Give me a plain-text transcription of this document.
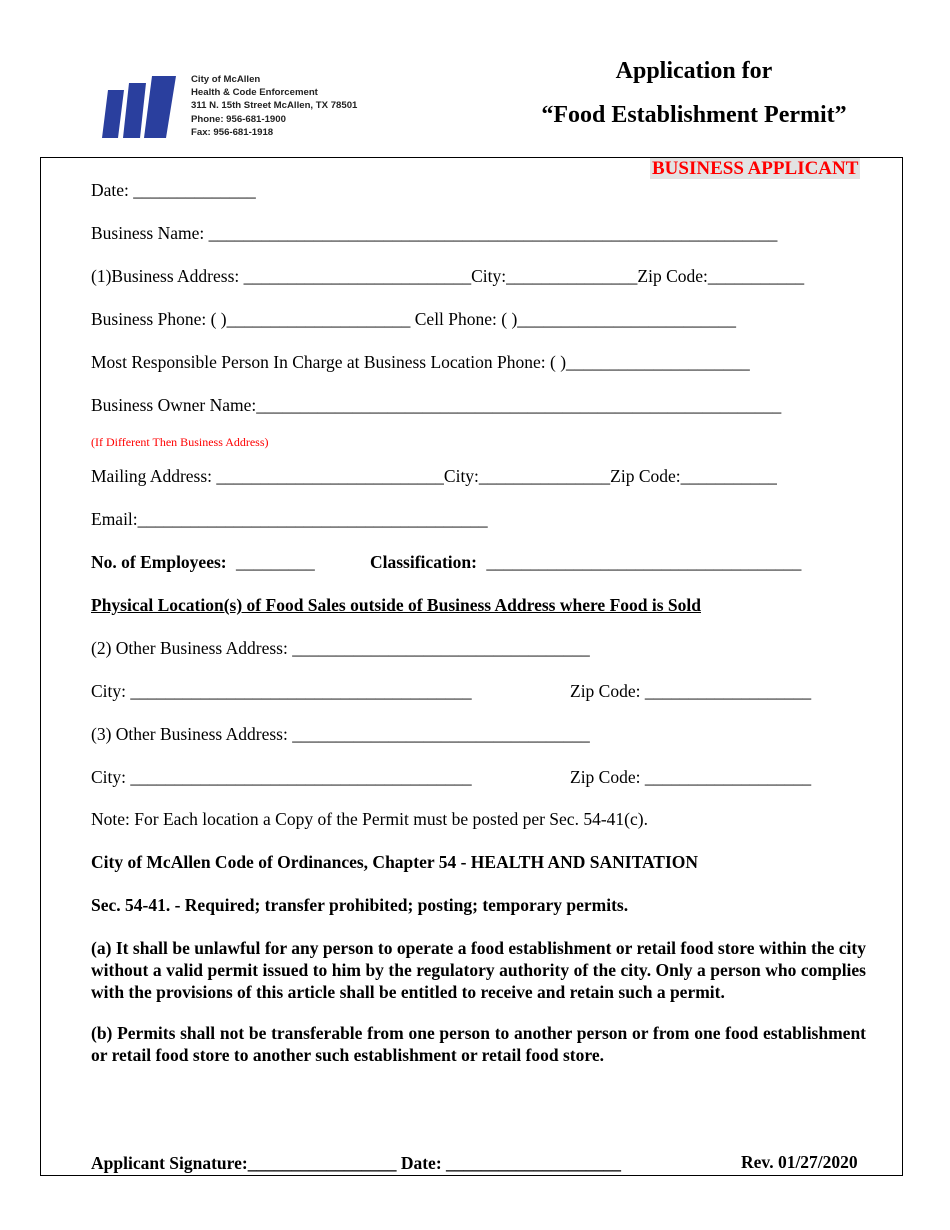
City of McAllen
Health & Code Enforcement
311 N. 15th Street McAllen, TX 78501
Phone: 956-681-1900
Fax: 956-681-1918
Application for
“Food Establishment Permit”
BUSINESS APPLICANT
Date: ______________
Business Name: _________________________________________________________________
(1)Business Address: __________________________City:_______________Zip Code:___________
Business Phone: ( )_____________________ Cell Phone: ( )_________________________
Most Responsible Person In Charge at Business Location Phone: ( )_____________________
Business Owner Name:____________________________________________________________
(If Different Then Business Address)
Mailing Address: __________________________City:_______________Zip Code:___________
Email:________________________________________
No. of Employees: _________	Classification: ____________________________________
Physical Location(s) of Food Sales outside of Business Address where Food is Sold
(2) Other Business Address: __________________________________
City: _______________________________________	Zip Code: ___________________
(3) Other Business Address: __________________________________
City: _______________________________________	Zip Code: ___________________
Note: For Each location a Copy of the Permit must be posted per Sec. 54-41(c).
City of McAllen Code of Ordinances, Chapter 54 - HEALTH AND SANITATION
Sec. 54-41. - Required; transfer prohibited; posting; temporary permits.
(a) It shall be unlawful for any person to operate a food establishment or retail food store within the city without a valid permit issued to him by the regulatory authority of the city. Only a person who complies with the provisions of this article shall be entitled to receive and retain such a permit.
(b) Permits shall not be transferable from one person to another person or from one food establishment or retail food store to another such establishment or retail food store.
Applicant Signature:_________________ Date: ____________________	Rev. 01/27/2020
